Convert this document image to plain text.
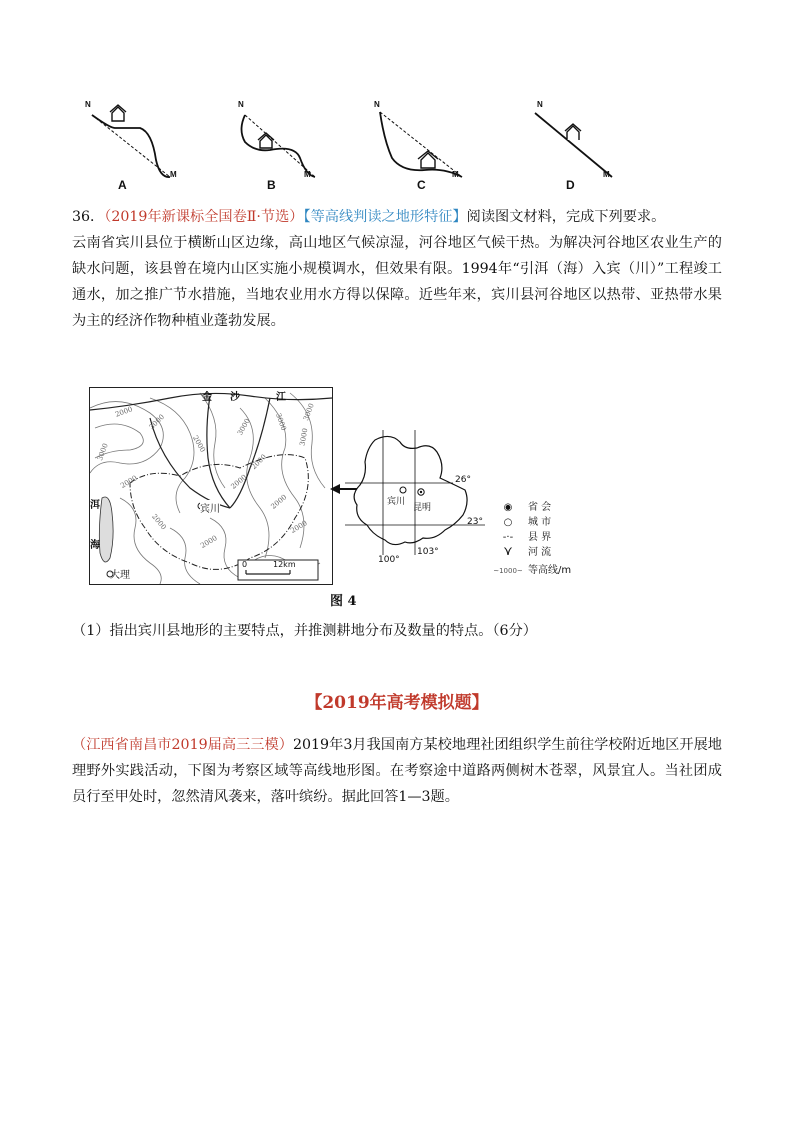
N
M
A
N
M
B
N
M
C
N
M
D
36．（2019年新课标全国卷Ⅱ·节选）【等高线判读之地形特征】阅读图文材料，完成下列要求。
云南省宾川县位于横断山区边缘，高山地区气候凉湿，河谷地区气候干热。为解决河谷地区农业生产的缺水问题，该县曾在境内山区实施小规模调水，但效果有限。1994年“引洱（海）入宾（川）”工程竣工通水，加之推广节水措施，当地农业用水方得以保障。近些年来，宾川县河谷地区以热带、亚热带水果为主的经济作物种植业蓬勃发展。
金 沙	江
宾川
洱
海
大理
0	12km
2000
2000
3000
3000
2000
3000
2000
3000
3000
2000
2000
2000
2000
2000
3000
宾川
昆明
26°
23°
100°
103°
◉ 省 会
○ 城 市
-·- 县 界
⋎ 河 流
~1000~ 等高线/m
图 4
（1）指出宾川县地形的主要特点，并推测耕地分布及数量的特点。（6分）
【2019年高考模拟题】
（江西省南昌市2019届高三三模）2019年3月我国南方某校地理社团组织学生前往学校附近地区开展地理野外实践活动，下图为考察区域等高线地形图。在考察途中道路两侧树木苍翠，风景宜人。当社团成员行至甲处时，忽然清风袭来，落叶缤纷。据此回答1—3题。
